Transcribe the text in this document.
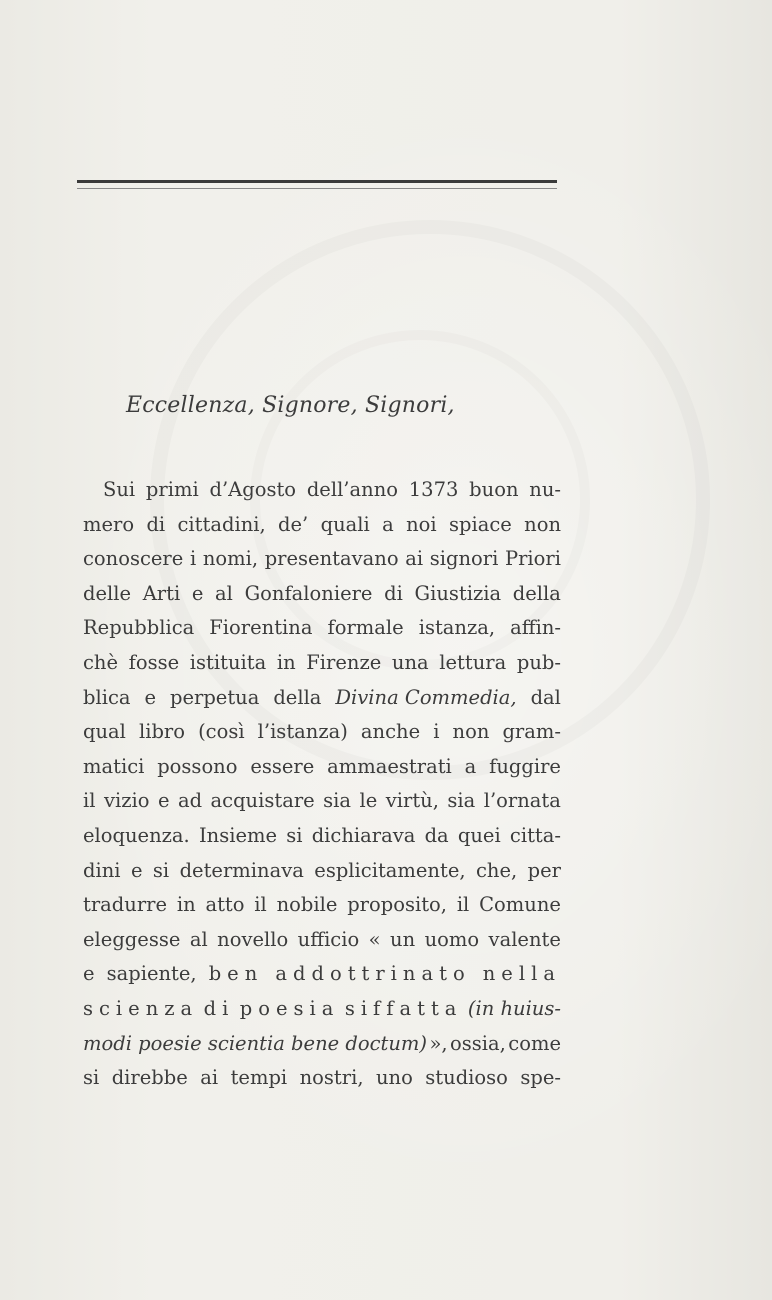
Eccellenza, Signore, Signori,
Sui primi d’Agosto dell’anno 1373 buon nu-
mero di cittadini, de’ quali a noi spiace non
conoscere i nomi, presentavano ai signori Priori
delle Arti e al Gonfaloniere di Giustizia della
Repubblica Fiorentina formale istanza, affin-
chè fosse istituita in Firenze una lettura pub-
blica e perpetua della Divina Commedia, dal
qual libro (così l’istanza) anche i non gram-
matici possono essere ammaestrati a fuggire
il vizio e ad acquistare sia le virtù, sia l’ornata
eloquenza. Insieme si dichiarava da quei citta-
dini e si determinava esplicitamente, che, per
tradurre in atto il nobile proposito, il Comune
eleggesse al novello ufficio « un uomo valente
e sapiente, ben addottrinato nella
scienza di poesia siffatta (in huius-
modi poesie scientia bene doctum) », ossia, come
si direbbe ai tempi nostri, uno studioso spe-
